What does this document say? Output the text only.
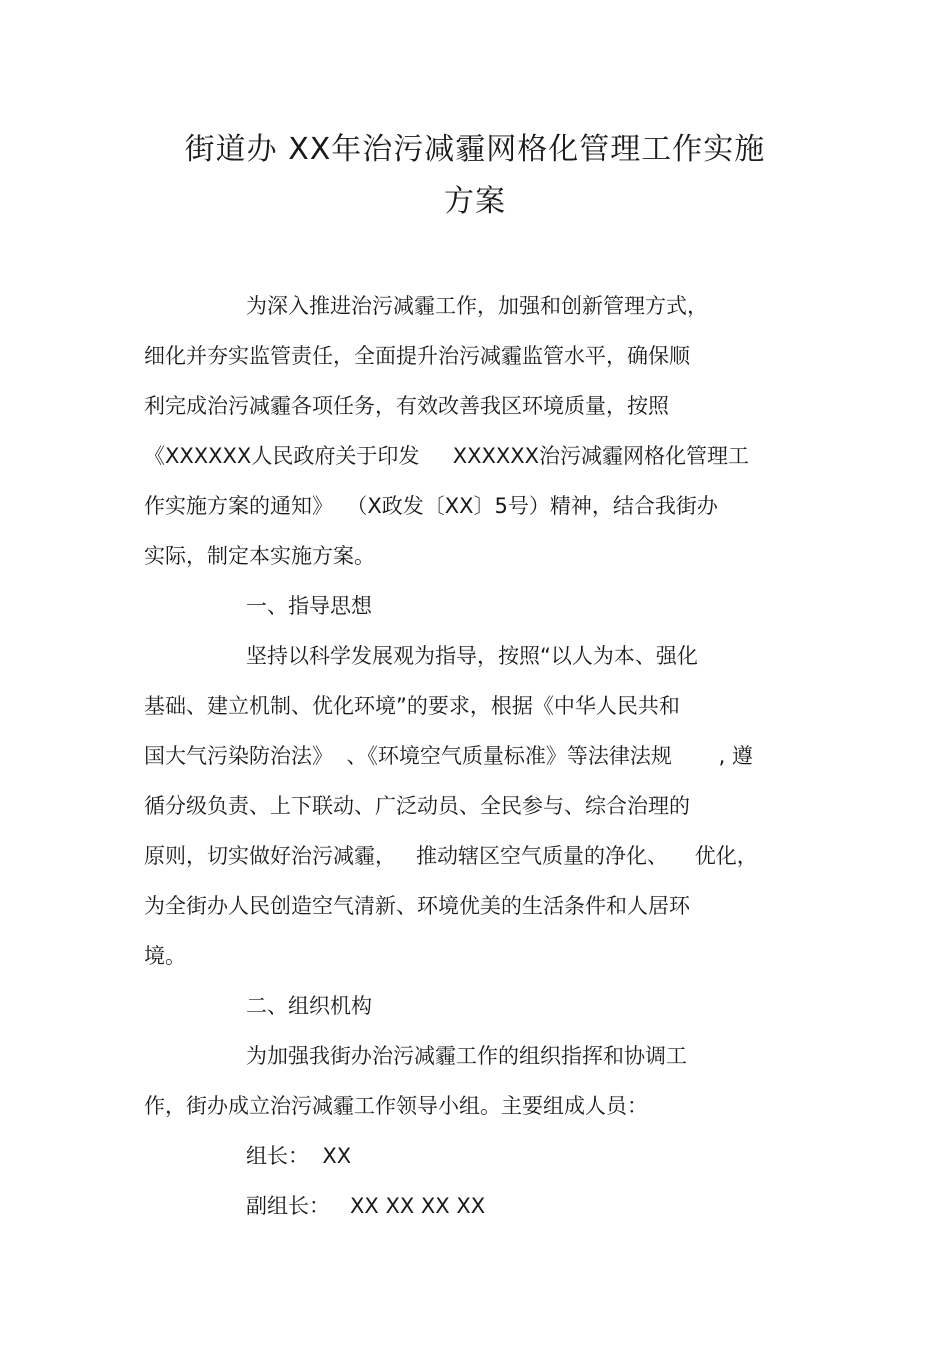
街道办 XX年治污减霾网格化管理工作实施
方案
为深入推进治污减霾工作，加强和创新管理方式，
细化并夯实监管责任，全面提升治污减霾监管水平，确保顺
利完成治污减霾各项任务，有效改善我区环境质量，按照
《XXXXXX人民政府关于印发     XXXXXX治污减霾网格化管理工
作实施方案的通知》  （X政发〔XX〕5号）精神，结合我街办
实际，制定本实施方案。
一、指导思想
坚持以科学发展观为指导，按照“以人为本、强化
基础、建立机制、优化环境”的要求，根据《中华人民共和
国大气污染防治法》  、《环境空气质量标准》等法律法规       , 遵
循分级负责、上下联动、广泛动员、全民参与、综合治理的
原则，切实做好治污减霾，   推动辖区空气质量的净化、    优化，
为全街办人民创造空气清新、环境优美的生活条件和人居环
境。
二、组织机构
为加强我街办治污减霾工作的组织指挥和协调工
作，街办成立治污减霾工作领导小组。主要组成人员：
组长：  XX
副组长：   XX XX XX XX
